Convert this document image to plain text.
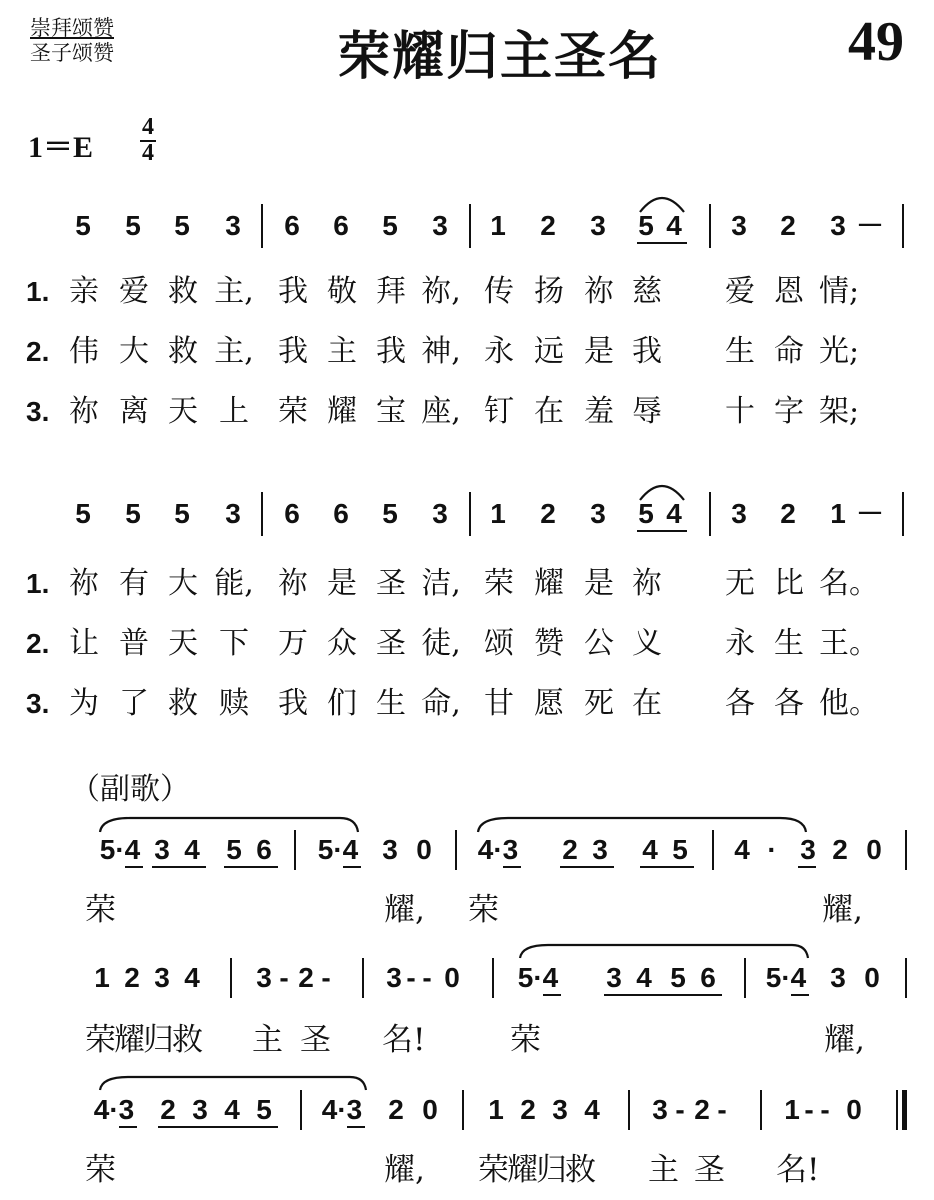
崇拜颂赞
圣子颂赞	荣耀归主圣名	49
1＝E
4
4
5	5	5	3	6	6	5	3	1	2	3	5 4	3	2	3 －
1. 亲 爱 救 主, 我 敬 拜 祢, 传 扬 祢 慈 爱 恩 情;
2. 伟 大 救 主, 我 主 我 神, 永 远 是 我 生 命 光;
3. 祢 离 天 上 荣 耀 宝 座, 钉 在 羞 辱 十 字 架;
5	5	5	3	6	6	5	3	1	2	3	5 4	3	2	1 －
1. 祢 有 大 能, 祢 是 圣 洁, 荣 耀 是 祢 无 比 名。
2. 让 普 天 下 万 众 圣 徒, 颂 赞 公 义 永 生 王。
3. 为 了 救 赎 我 们 生 命, 甘 愿 死 在 各 各 他。
（副歌）
5·4 3 4 5 6 5·4 3 0 4·3 2 3 4 5 4 · 3 2 0
荣	耀, 荣	耀,
1 2 3 4 3 - 2 - 3 - - 0 5·4 3 4 5 6 5·4 3 0
荣耀归救 主 圣 名!	荣	耀,
4·3 2 3 4 5 4·3 2 0 1 2 3 4 3 - 2 - 1 - - 0
荣	耀, 荣耀归救 主 圣 名!
